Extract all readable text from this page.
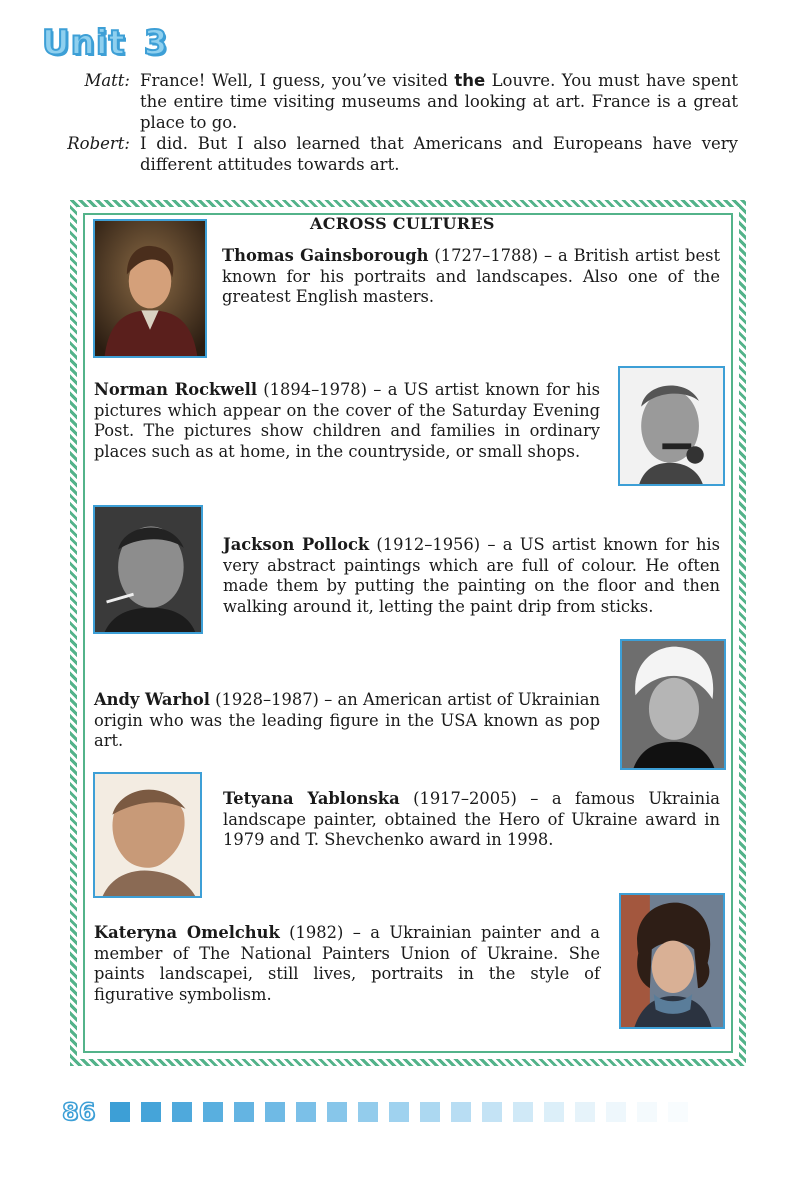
Unit 3
Matt: France! Well, I guess, you’ve visited the Louvre. You must have spent the entire time visiting museums and looking at art. France is a great place to go.
Robert: I did. But I also learned that Americans and Europeans have very different attitudes towards art.
ACROSS CULTURES
Thomas Gainsborough (1727–1788) – a British artist best known for his portraits and landscapes. Also one of the greatest English masters.
Norman Rockwell (1894–1978) – a US artist known for his pictures which appear on the cover of the Saturday Evening Post. The pictures show children and families in ordinary places such as at home, in the countryside, or small shops.
Jackson Pollock (1912–1956) – a US artist known for his very abstract paintings which are full of colour. He often made them by putting the painting on the floor and then walking around it, letting the paint drip from sticks.
Andy Warhol (1928–1987) – an American artist of Ukrainian origin who was the leading figure in the USA known as pop art.
Tetyana Yablonska (1917–2005) – a famous Ukrainia landscape painter, obtained the Hero of Ukraine award in 1979 and T. Shevchenko award in 1998.
Kateryna Omelchuk (1982) – a Ukrainian painter and a member of The National Painters Union of Ukraine. She paints landscapei, still lives, portraits in the style of figurative symbolism.
86
